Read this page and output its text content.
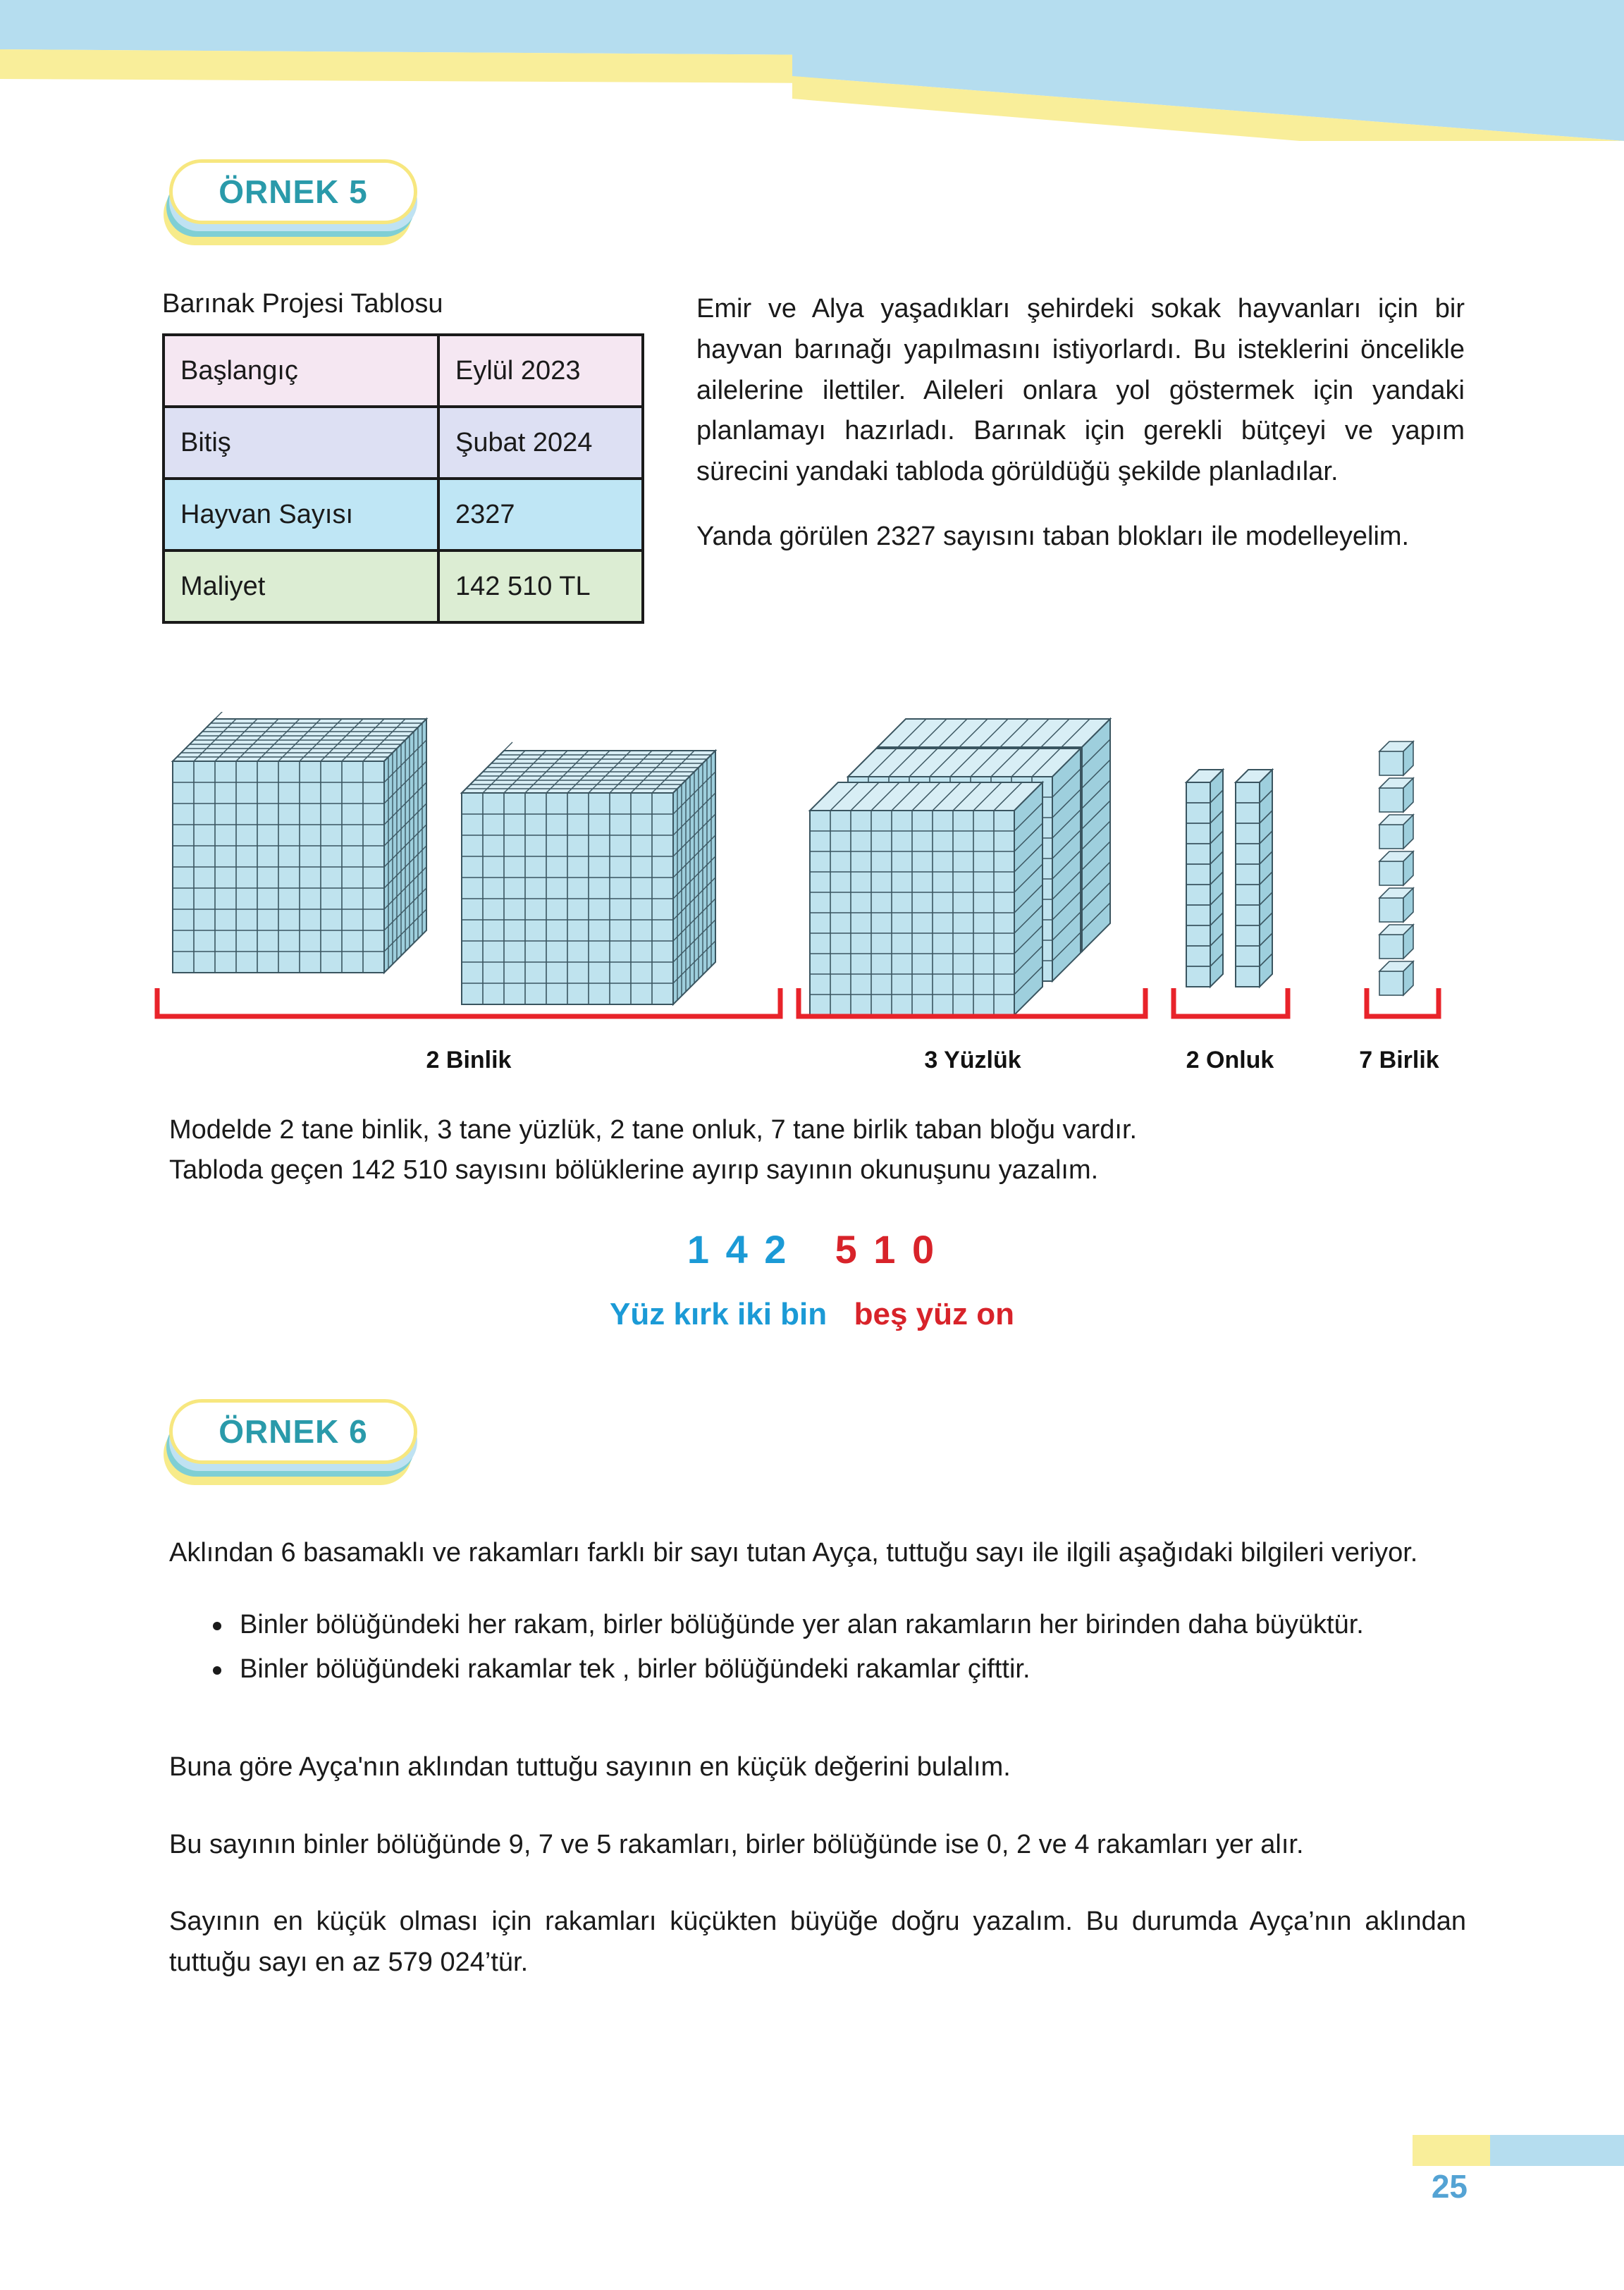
ÖRNEK 5
Barınak Projesi Tablosu
Başlangıç	Eylül 2023
Bitiş	Şubat 2024
Hayvan Sayısı	2327
Maliyet	142 510 TL
Emir ve Alya yaşadıkları şehirdeki sokak hayvanları için bir hayvan barınağı yapılmasını istiyorlardı. Bu isteklerini öncelikle ailelerine ilettiler. Aileleri onlara yol göstermek için yandaki planlamayı hazırladı. Barınak için gerekli bütçeyi ve yapım sürecini yandaki tabloda görüldüğü şekilde planladılar.
Yanda görülen 2327 sayısını taban blokları ile modelleyelim.
2 Binlik	3 Yüzlük	2 Onluk	7 Birlik
Modelde 2 tane binlik, 3 tane yüzlük, 2 tane onluk, 7 tane birlik taban bloğu vardır.
Tabloda geçen 142 510 sayısını bölüklerine ayırıp sayının okunuşunu yazalım.
1 4 2 5 1 0
Yüz kırk iki bin beş yüz on
ÖRNEK 6
Aklından 6 basamaklı ve rakamları farklı bir sayı tutan Ayça, tuttuğu sayı ile ilgili aşağıdaki bilgileri veriyor.
Binler bölüğündeki her rakam, birler bölüğünde yer alan rakamların her birinden daha büyüktür.
Binler bölüğündeki rakamlar tek , birler bölüğündeki rakamlar çifttir.
Buna göre Ayça'nın aklından tuttuğu sayının en küçük değerini bulalım.
Bu sayının binler bölüğünde 9, 7 ve 5 rakamları, birler bölüğünde ise 0, 2 ve 4 rakamları yer alır.
Sayının en küçük olması için rakamları küçükten büyüğe doğru yazalım. Bu durumda Ayça’nın aklından tuttuğu sayı en az 579 024’tür.
25
